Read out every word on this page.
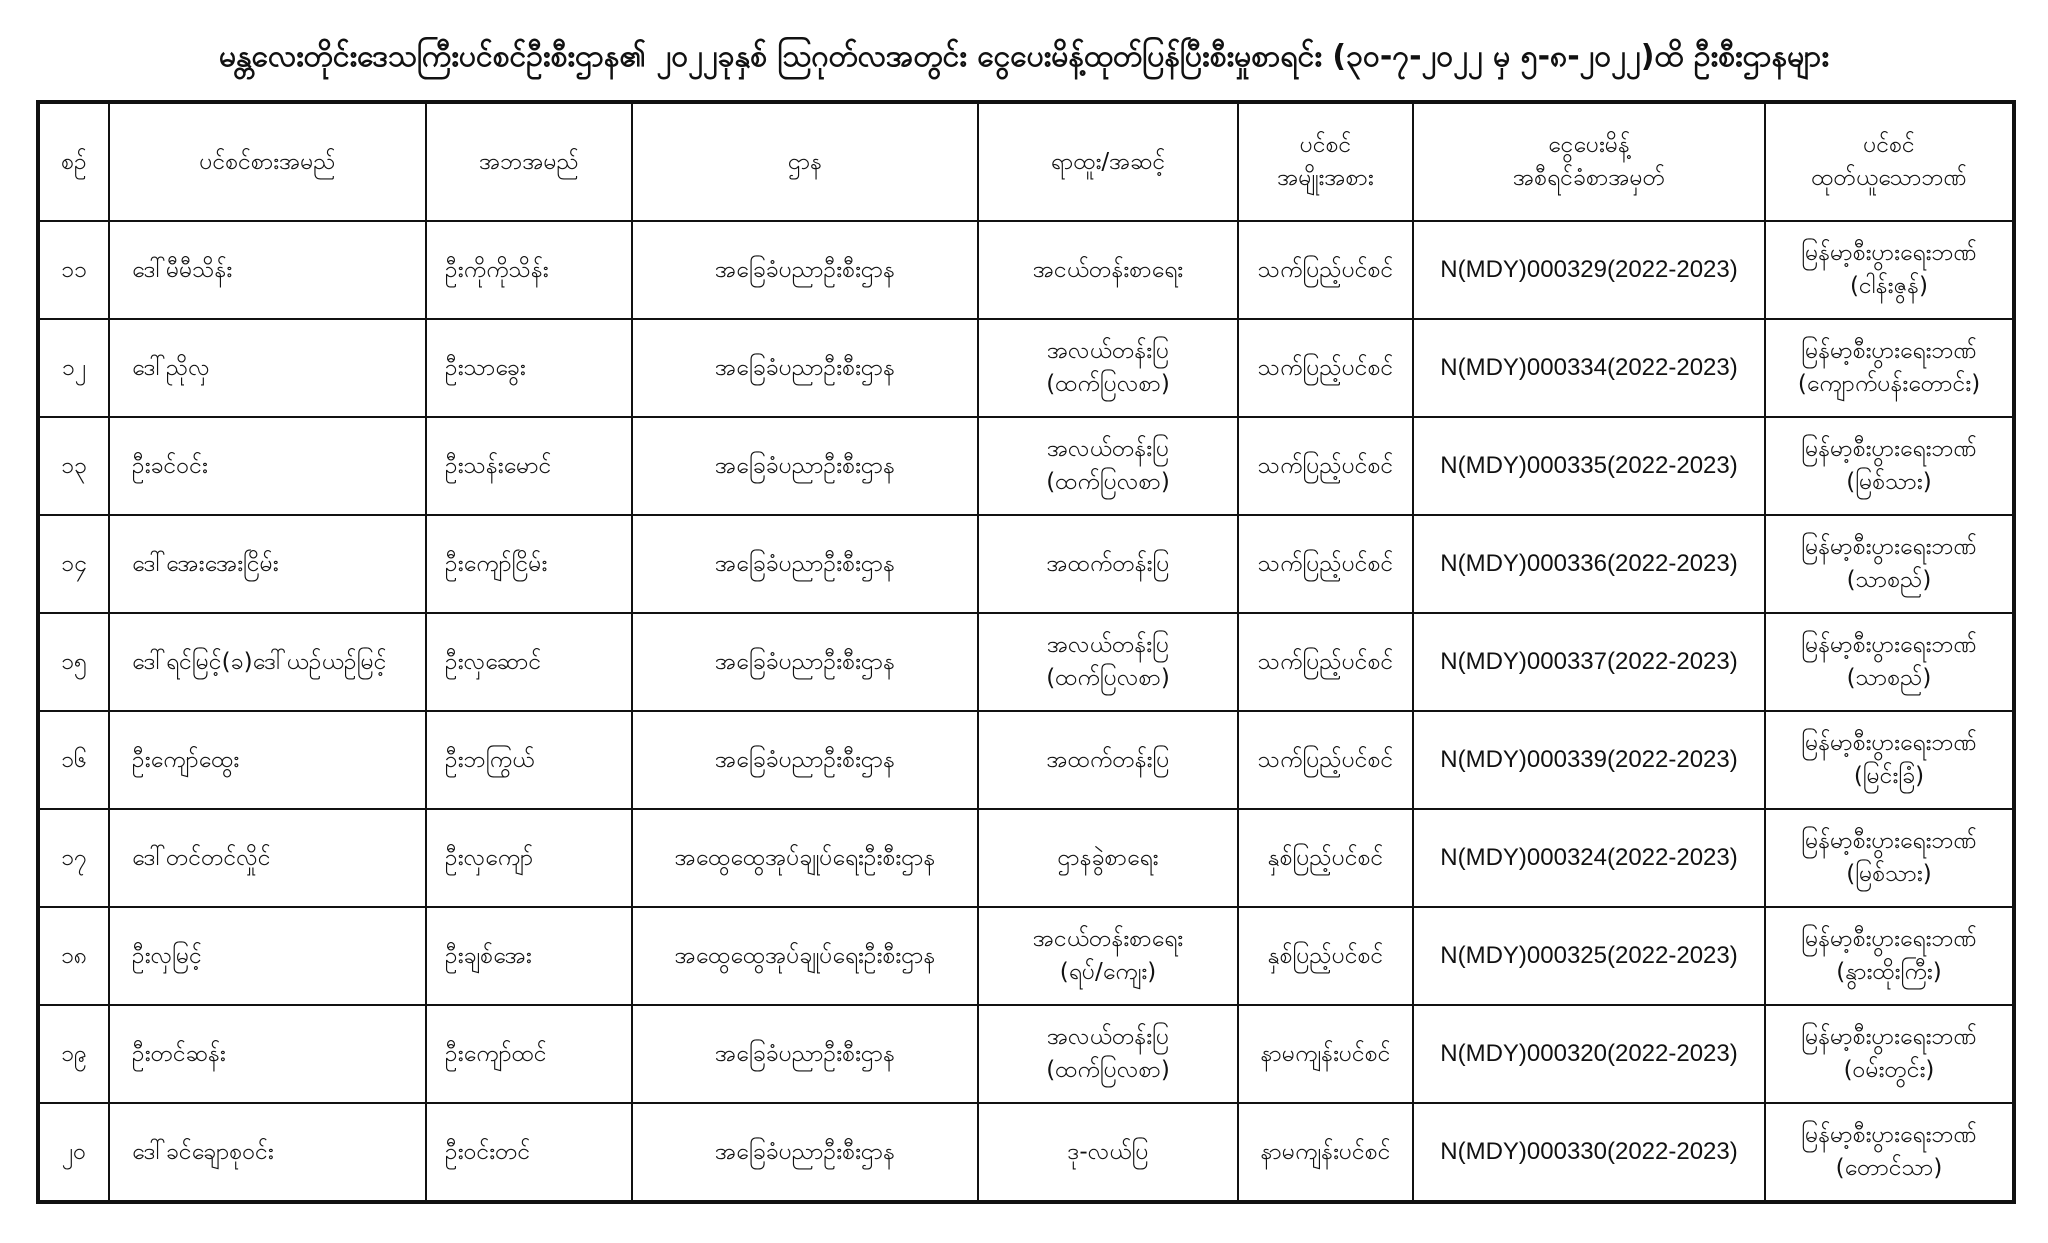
မန္တလေးတိုင်းဒေသကြီးပင်စင်ဦးစီးဌာန၏ ၂၀၂၂ခုနှစ် ဩဂုတ်လအတွင်း ငွေပေးမိန့်ထုတ်ပြန်ပြီးစီးမှုစာရင်း (၃၀-၇-၂၀၂၂ မှ ၅-၈-၂၀၂၂)ထိ ဦးစီးဌာနများ
စဉ်	ပင်စင်စားအမည်	အဘအမည်	ဌာန	ရာထူး/အဆင့်	ပင်စင်
အမျိုးအစား	ငွေပေးမိန့်
အစီရင်ခံစာအမှတ်	ပင်စင်
ထုတ်ယူသောဘဏ်

၁၁	ဒေါ်မီမီသိန်း	ဦးကိုကိုသိန်း	အခြေခံပညာဦးစီးဌာန	အငယ်တန်းစာရေး	သက်ပြည့်ပင်စင်	N(MDY)000329(2022-2023)	မြန်မာ့စီးပွားရေးဘဏ်
(ငါန်းဇွန်)

၁၂	ဒေါ်ညိုလှ	ဦးသာခွေး	အခြေခံပညာဦးစီးဌာန	အလယ်တန်းပြ
(ထက်ပြလစာ)	သက်ပြည့်ပင်စင်	N(MDY)000334(2022-2023)	မြန်မာ့စီးပွားရေးဘဏ်
(ကျောက်ပန်းတောင်း)

၁၃	ဦးခင်ဝင်း	ဦးသန်းမောင်	အခြေခံပညာဦးစီးဌာန	အလယ်တန်းပြ
(ထက်ပြလစာ)	သက်ပြည့်ပင်စင်	N(MDY)000335(2022-2023)	မြန်မာ့စီးပွားရေးဘဏ်
(မြစ်သား)

၁၄	ဒေါ်အေးအေးငြိမ်း	ဦးကျော်ငြိမ်း	အခြေခံပညာဦးစီးဌာန	အထက်တန်းပြ	သက်ပြည့်ပင်စင်	N(MDY)000336(2022-2023)	မြန်မာ့စီးပွားရေးဘဏ်
(သာစည်)

၁၅	ဒေါ်ရင်မြင့်(ခ)ဒေါ်ယဉ်ယဉ်မြင့်	ဦးလှဆောင်	အခြေခံပညာဦးစီးဌာန	အလယ်တန်းပြ
(ထက်ပြလစာ)	သက်ပြည့်ပင်စင်	N(MDY)000337(2022-2023)	မြန်မာ့စီးပွားရေးဘဏ်
(သာစည်)

၁၆	ဦးကျော်ထွေး	ဦးဘကြွယ်	အခြေခံပညာဦးစီးဌာန	အထက်တန်းပြ	သက်ပြည့်ပင်စင်	N(MDY)000339(2022-2023)	မြန်မာ့စီးပွားရေးဘဏ်
(မြင်းခြံ)

၁၇	ဒေါ်တင်တင်လှိုင်	ဦးလှကျော်	အထွေထွေအုပ်ချုပ်ရေးဦးစီးဌာန	ဌာနခွဲစာရေး	နှစ်ပြည့်ပင်စင်	N(MDY)000324(2022-2023)	မြန်မာ့စီးပွားရေးဘဏ်
(မြစ်သား)

၁၈	ဦးလှမြင့်	ဦးချစ်အေး	အထွေထွေအုပ်ချုပ်ရေးဦးစီးဌာန	အငယ်တန်းစာရေး
(ရပ်/ကျေး)	နှစ်ပြည့်ပင်စင်	N(MDY)000325(2022-2023)	မြန်မာ့စီးပွားရေးဘဏ်
(နွားထိုးကြီး)

၁၉	ဦးတင်ဆန်း	ဦးကျော်ထင်	အခြေခံပညာဦးစီးဌာန	အလယ်တန်းပြ
(ထက်ပြလစာ)	နာမကျန်းပင်စင်	N(MDY)000320(2022-2023)	မြန်မာ့စီးပွားရေးဘဏ်
(ဝမ်းတွင်း)

၂၀	ဒေါ်ခင်ချောစုဝင်း	ဦးဝင်းတင်	အခြေခံပညာဦးစီးဌာန	ဒု-လယ်ပြ	နာမကျန်းပင်စင်	N(MDY)000330(2022-2023)	မြန်မာ့စီးပွားရေးဘဏ်
(တောင်သာ)
